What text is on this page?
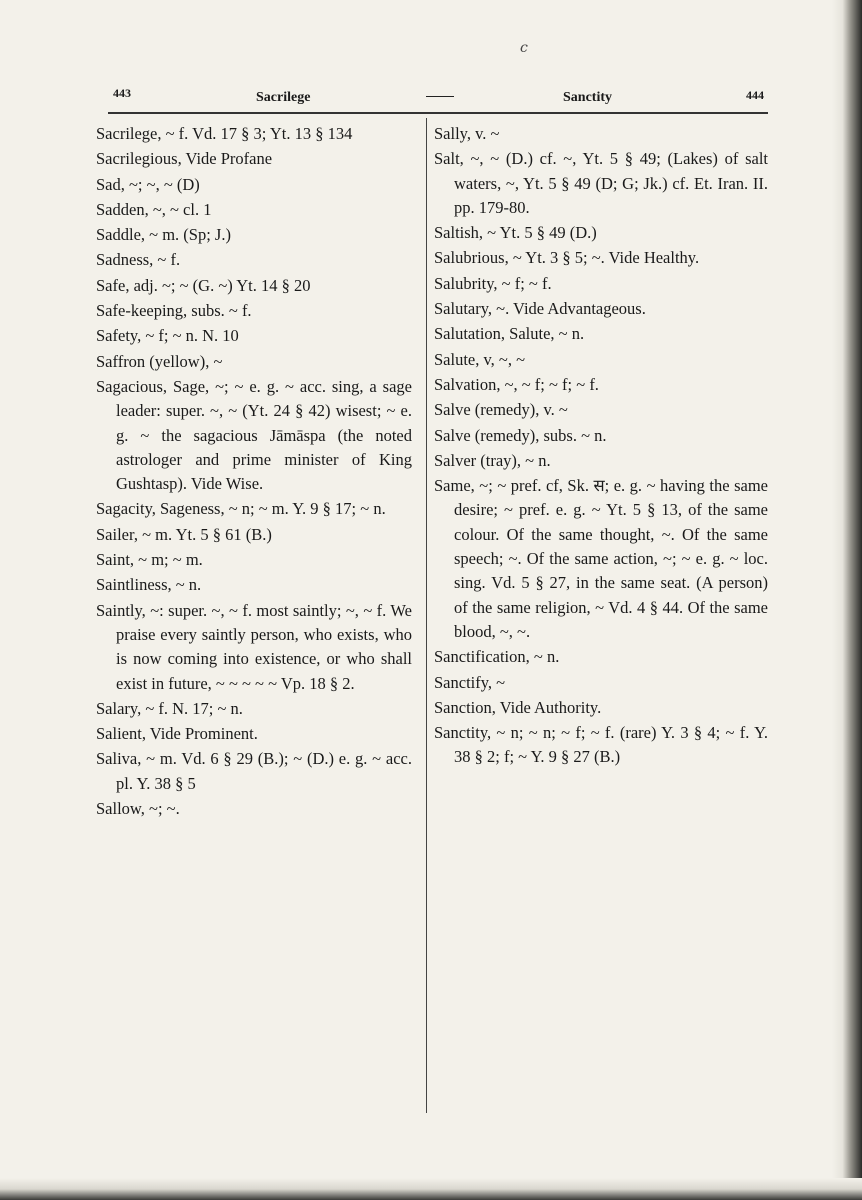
c
443	Sacrilege	Sanctity	444
Sacrilege, ~ f. Vd. 17 § 3; Yt. 13 § 134
Sacrilegious, Vide Profane
Sad, ~; ~, ~ (D)
Sadden, ~, ~ cl. 1
Saddle, ~ m. (Sp; J.)
Sadness, ~ f.
Safe, adj. ~; ~ (G. ~) Yt. 14 § 20
Safe-keeping, subs. ~ f.
Safety, ~ f; ~ n. N. 10
Saffron (yellow), ~
Sagacious, Sage, ~; ~ e. g. ~ acc. sing, a sage leader: super. ~, ~ (Yt. 24 § 42) wisest; ~ e. g. ~ the sagacious Jāmāspa (the noted astrologer and prime minister of King Gushtasp). Vide Wise.
Sagacity, Sageness, ~ n; ~ m. Y. 9 § 17; ~ n.
Sailer, ~ m. Yt. 5 § 61 (B.)
Saint, ~ m; ~ m.
Saintliness, ~ n.
Saintly, ~: super. ~, ~ f. most saintly; ~, ~ f. We praise every saintly person, who exists, who is now coming into existence, or who shall exist in future, ~ ~ ~ ~ ~ Vp. 18 § 2.
Salary, ~ f. N. 17; ~ n.
Salient, Vide Prominent.
Saliva, ~ m. Vd. 6 § 29 (B.); ~ (D.) e. g. ~ acc. pl. Y. 38 § 5
Sallow, ~; ~.
Sally, v. ~
Salt, ~, ~ (D.) cf. ~, Yt. 5 § 49; (Lakes) of salt waters, ~, Yt. 5 § 49 (D; G; Jk.) cf. Et. Iran. II. pp. 179-80.
Saltish, ~ Yt. 5 § 49 (D.)
Salubrious, ~ Yt. 3 § 5; ~. Vide Healthy.
Salubrity, ~ f; ~ f.
Salutary, ~. Vide Advantageous.
Salutation, Salute, ~ n.
Salute, v, ~, ~
Salvation, ~, ~ f; ~ f; ~ f.
Salve (remedy), v. ~
Salve (remedy), subs. ~ n.
Salver (tray), ~ n.
Same, ~; ~ pref. cf, Sk. स; e. g. ~ having the same desire; ~ pref. e. g. ~ Yt. 5 § 13, of the same colour. Of the same thought, ~. Of the same speech; ~. Of the same action, ~; ~ e. g. ~ loc. sing. Vd. 5 § 27, in the same seat. (A person) of the same religion, ~ Vd. 4 § 44. Of the same blood, ~, ~.
Sanctification, ~ n.
Sanctify, ~
Sanction, Vide Authority.
Sanctity, ~ n; ~ n; ~ f; ~ f. (rare) Y. 3 § 4; ~ f. Y. 38 § 2; f; ~ Y. 9 § 27 (B.)
